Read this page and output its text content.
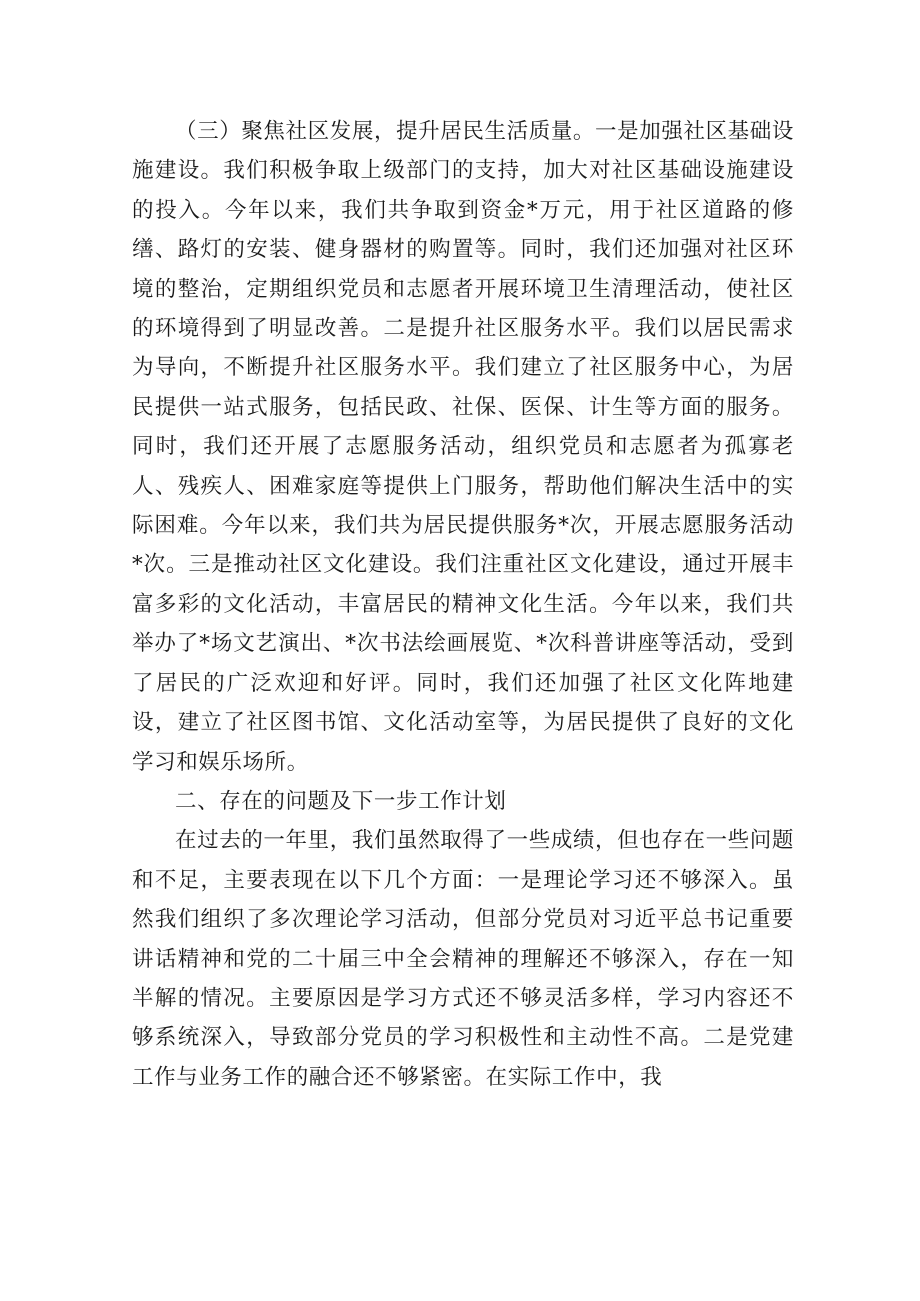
（三）聚焦社区发展，提升居民生活质量。一是加强社区基础设施建设。我们积极争取上级部门的支持，加大对社区基础设施建设的投入。今年以来，我们共争取到资金*万元，用于社区道路的修缮、路灯的安装、健身器材的购置等。同时，我们还加强对社区环境的整治，定期组织党员和志愿者开展环境卫生清理活动，使社区的环境得到了明显改善。二是提升社区服务水平。我们以居民需求为导向，不断提升社区服务水平。我们建立了社区服务中心，为居民提供一站式服务，包括民政、社保、医保、计生等方面的服务。同时，我们还开展了志愿服务活动，组织党员和志愿者为孤寡老人、残疾人、困难家庭等提供上门服务，帮助他们解决生活中的实际困难。今年以来，我们共为居民提供服务*次，开展志愿服务活动*次。三是推动社区文化建设。我们注重社区文化建设，通过开展丰富多彩的文化活动，丰富居民的精神文化生活。今年以来，我们共举办了*场文艺演出、*次书法绘画展览、*次科普讲座等活动，受到了居民的广泛欢迎和好评。同时，我们还加强了社区文化阵地建设，建立了社区图书馆、文化活动室等，为居民提供了良好的文化学习和娱乐场所。

二、存在的问题及下一步工作计划

在过去的一年里，我们虽然取得了一些成绩，但也存在一些问题和不足，主要表现在以下几个方面：一是理论学习还不够深入。虽然我们组织了多次理论学习活动，但部分党员对习近平总书记重要讲话精神和党的二十届三中全会精神的理解还不够深入，存在一知半解的情况。主要原因是学习方式还不够灵活多样，学习内容还不够系统深入，导致部分党员的学习积极性和主动性不高。二是党建工作与业务工作的融合还不够紧密。在实际工作中，我
